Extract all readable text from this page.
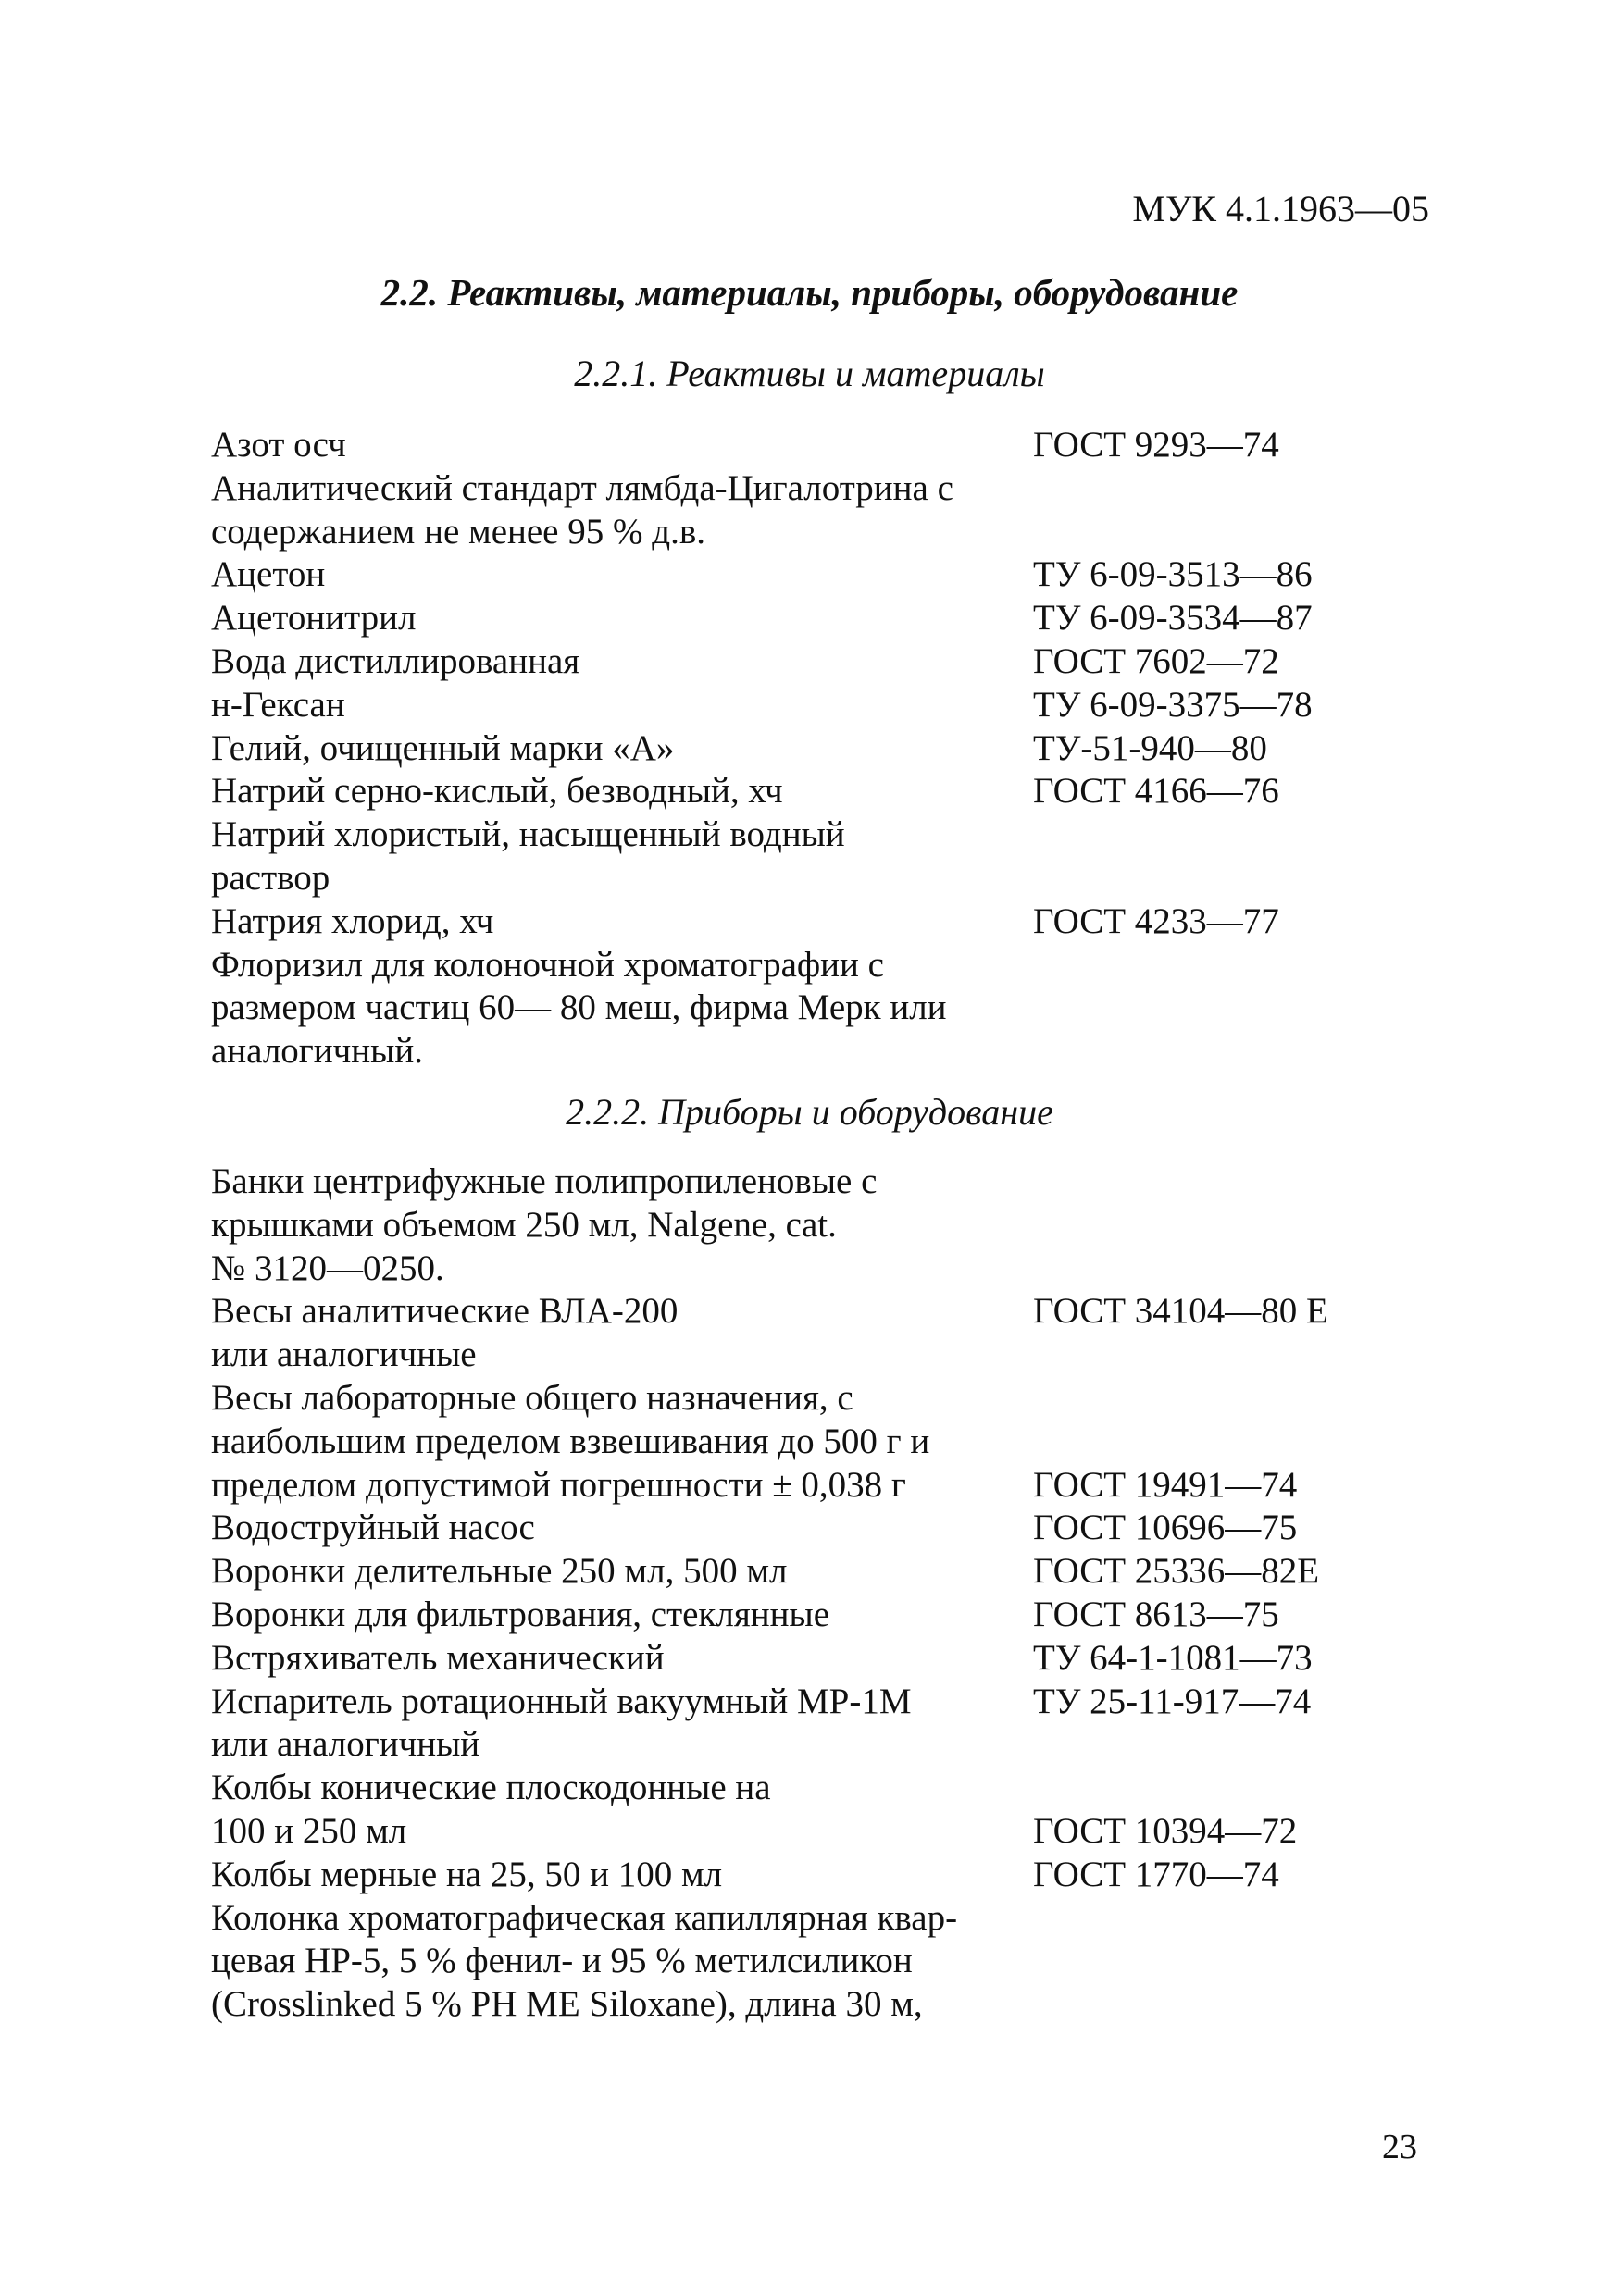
МУК 4.1.1963—05
2.2. Реактивы, материалы, приборы, оборудование
2.2.1. Реактивы и материалы
Азот осч	ГОСТ 9293—74
Аналитический стандарт лямбда-Цигалотрина с
содержанием не менее 95 % д.в.
Ацетон	ТУ 6-09-3513—86
Ацетонитрил	ТУ 6-09-3534—87
Вода дистиллированная	ГОСТ 7602—72
н-Гексан	ТУ 6-09-3375—78
Гелий, очищенный марки «А»	ТУ-51-940—80
Натрий серно-кислый, безводный, хч	ГОСТ 4166—76
Натрий хлористый, насыщенный водный
раствор
Натрия хлорид, хч	ГОСТ 4233—77
Флоризил для колоночной хроматографии с
размером частиц 60— 80 меш, фирма Мерк или
аналогичный.
2.2.2. Приборы и оборудование
Банки центрифужные полипропиленовые с
крышками объемом 250 мл, Nalgene, cat.
№ 3120—0250.
Весы аналитические ВЛА-200	ГОСТ 34104—80 Е
или аналогичные
Весы лабораторные общего назначения, с
наибольшим пределом взвешивания до 500 г и
пределом допустимой погрешности ± 0,038 г	ГОСТ 19491—74
Водоструйный насос	ГОСТ 10696—75
Воронки делительные 250 мл, 500 мл	ГОСТ 25336—82Е
Воронки для фильтрования, стеклянные	ГОСТ 8613—75
Встряхиватель механический	ТУ 64-1-1081—73
Испаритель ротационный вакуумный МР-1М	ТУ 25-11-917—74
или аналогичный
Колбы конические плоскодонные на
100 и 250 мл	ГОСТ 10394—72
Колбы мерные на 25, 50 и 100 мл	ГОСТ 1770—74
Колонка хроматографическая капиллярная квар-
цевая HP-5, 5 % фенил- и 95 % метилсиликон
(Crosslinked 5 % PH ME Siloxane), длина 30 м,
23
